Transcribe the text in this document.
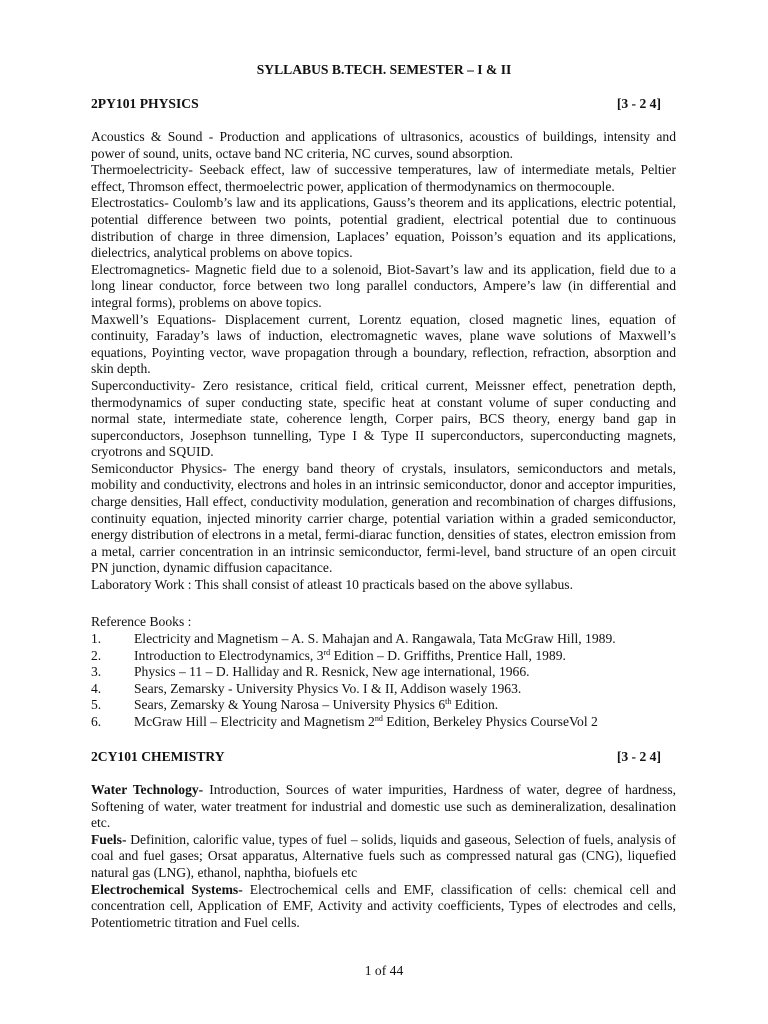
SYLLABUS B.TECH. SEMESTER – I & II
2PY101 PHYSICS	[3 - 2 4]

Acoustics & Sound - Production and applications of ultrasonics, acoustics of buildings, intensity and power of sound, units, octave band NC criteria, NC curves, sound absorption.

Thermoelectricity- Seeback effect, law of successive temperatures, law of intermediate metals, Peltier effect, Thromson effect, thermoelectric power, application of thermodynamics on thermocouple.

Electrostatics- Coulomb’s law and its applications, Gauss’s theorem and its applications, electric potential, potential difference between two points, potential gradient, electrical potential due to continuous distribution of charge in three dimension, Laplaces’ equation, Poisson’s equation and its applications, dielectrics, analytical problems on above topics.

Electromagnetics- Magnetic field due to a solenoid, Biot-Savart’s law and its application, field due to a long linear conductor, force between two long parallel conductors, Ampere’s law (in differential and integral forms), problems on above topics.

Maxwell’s Equations- Displacement current, Lorentz equation, closed magnetic lines, equation of continuity, Faraday’s laws of induction, electromagnetic waves, plane wave solutions of Maxwell’s equations, Poyinting vector, wave propagation through a boundary, reflection, refraction, absorption and skin depth.

Superconductivity- Zero resistance, critical field, critical current, Meissner effect, penetration depth, thermodynamics of super conducting state, specific heat at constant volume of super conducting and normal state, intermediate state, coherence length, Corper pairs, BCS theory, energy band gap in superconductors, Josephson tunnelling, Type I & Type II superconductors, superconducting magnets, cryotrons and SQUID.

Semiconductor Physics- The energy band theory of crystals, insulators, semiconductors and metals, mobility and conductivity, electrons and holes in an intrinsic semiconductor, donor and acceptor impurities, charge densities, Hall effect, conductivity modulation, generation and recombination of charges diffusions, continuity equation, injected minority carrier charge, potential variation within a graded semiconductor, energy distribution of electrons in a metal, fermi-diarac function, densities of states, electron emission from a metal, carrier concentration in an intrinsic semiconductor, fermi-level, band structure of an open circuit PN junction, dynamic diffusion capacitance.

Laboratory Work : This shall consist of atleast 10 practicals based on the above syllabus.

Reference Books :
1. Electricity and Magnetism – A. S. Mahajan and A. Rangawala, Tata McGraw Hill, 1989.
2. Introduction to Electrodynamics, 3rd Edition – D. Griffiths, Prentice Hall, 1989.
3. Physics – 11 – D. Halliday and R. Resnick, New age international, 1966.
4. Sears, Zemarsky - University Physics Vo. I & II, Addison wasely 1963.
5. Sears, Zemarsky & Young Narosa – University Physics 6th Edition.
6. McGraw Hill – Electricity and Magnetism 2nd Edition, Berkeley Physics CourseVol 2
2CY101 CHEMISTRY	[3 - 2 4]

Water Technology- Introduction, Sources of water impurities, Hardness of water, degree of hardness, Softening of water, water treatment for industrial and domestic use such as demineralization, desalination etc.

Fuels- Definition, calorific value, types of fuel – solids, liquids and gaseous, Selection of fuels, analysis of coal and fuel gases; Orsat apparatus, Alternative fuels such as compressed natural gas (CNG), liquefied natural gas (LNG), ethanol, naphtha, biofuels etc

Electrochemical Systems- Electrochemical cells and EMF, classification of cells: chemical cell and concentration cell, Application of EMF, Activity and activity coefficients, Types of electrodes and cells, Potentiometric titration and Fuel cells.

1 of 44
